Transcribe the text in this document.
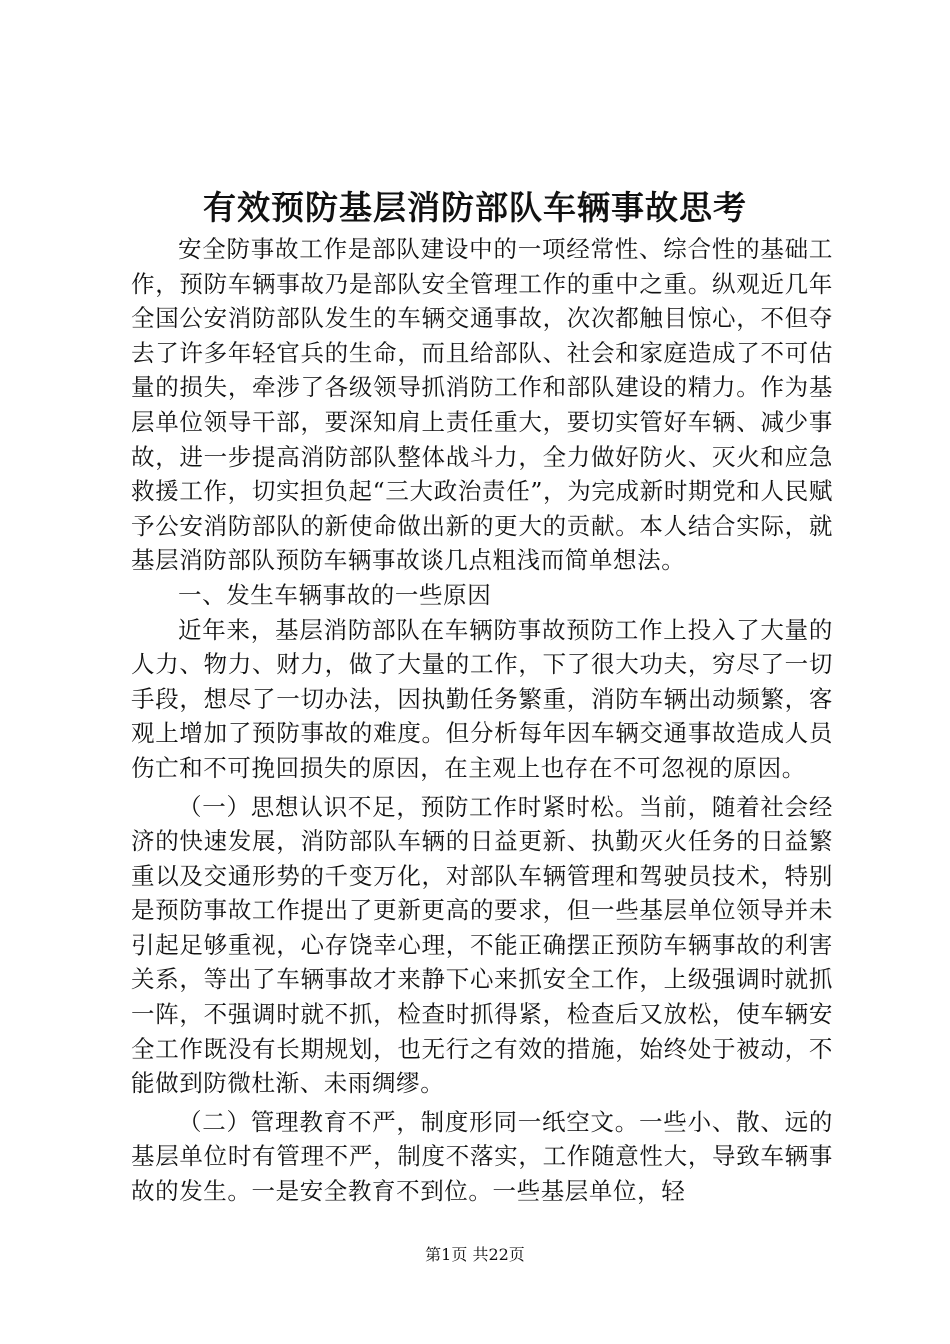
有效预防基层消防部队车辆事故思考

安全防事故工作是部队建设中的一项经常性、综合性的基础工作，预防车辆事故乃是部队安全管理工作的重中之重。纵观近几年全国公安消防部队发生的车辆交通事故，次次都触目惊心，不但夺去了许多年轻官兵的生命，而且给部队、社会和家庭造成了不可估量的损失，牵涉了各级领导抓消防工作和部队建设的精力。作为基层单位领导干部，要深知肩上责任重大，要切实管好车辆、减少事故，进一步提高消防部队整体战斗力，全力做好防火、灭火和应急救援工作，切实担负起“三大政治责任”，为完成新时期党和人民赋予公安消防部队的新使命做出新的更大的贡献。本人结合实际，就基层消防部队预防车辆事故谈几点粗浅而简单想法。

一、发生车辆事故的一些原因

近年来，基层消防部队在车辆防事故预防工作上投入了大量的人力、物力、财力，做了大量的工作，下了很大功夫，穷尽了一切手段，想尽了一切办法，因执勤任务繁重，消防车辆出动频繁，客观上增加了预防事故的难度。但分析每年因车辆交通事故造成人员伤亡和不可挽回损失的原因，在主观上也存在不可忽视的原因。

（一）思想认识不足，预防工作时紧时松。当前，随着社会经济的快速发展，消防部队车辆的日益更新、执勤灭火任务的日益繁重以及交通形势的千变万化，对部队车辆管理和驾驶员技术，特别是预防事故工作提出了更新更高的要求，但一些基层单位领导并未引起足够重视，心存饶幸心理，不能正确摆正预防车辆事故的利害关系，等出了车辆事故才来静下心来抓安全工作，上级强调时就抓一阵，不强调时就不抓，检查时抓得紧，检查后又放松，使车辆安全工作既没有长期规划，也无行之有效的措施，始终处于被动，不能做到防微杜渐、未雨绸缪。

（二）管理教育不严，制度形同一纸空文。一些小、散、远的基层单位时有管理不严，制度不落实，工作随意性大，导致车辆事故的发生。一是安全教育不到位。一些基层单位，轻

第1页 共22页
